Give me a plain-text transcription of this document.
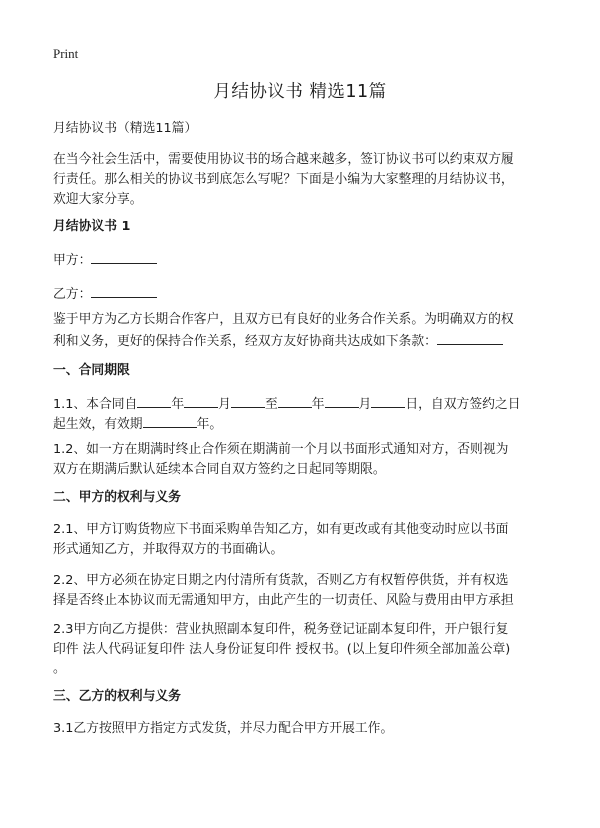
Print
月结协议书 精选11篇
月结协议书（精选11篇）
在当今社会生活中，需要使用协议书的场合越来越多，签订协议书可以约束双方履
行责任。那么相关的协议书到底怎么写呢？下面是小编为大家整理的月结协议书，
欢迎大家分享。
月结协议书 1
甲方：
乙方：
鉴于甲方为乙方长期合作客户，且双方已有良好的业务合作关系。为明确双方的权
利和义务，更好的保持合作关系，经双方友好协商共达成如下条款：
一、合同期限
1.1、本合同自	年	月	至	年	月	日，自双方签约之日
起生效，有效期	年。
1.2、如一方在期满时终止合作须在期满前一个月以书面形式通知对方，否则视为
双方在期满后默认延续本合同自双方签约之日起同等期限。
二、甲方的权利与义务
2.1、甲方订购货物应下书面采购单告知乙方，如有更改或有其他变动时应以书面
形式通知乙方，并取得双方的书面确认。
2.2、甲方必须在协定日期之内付清所有货款，否则乙方有权暂停供货，并有权选
择是否终止本协议而无需通知甲方，由此产生的一切责任、风险与费用由甲方承担
2.3甲方向乙方提供：营业执照副本复印件，税务登记证副本复印件，开户银行复
印件 法人代码证复印件 法人身份证复印件 授权书。(以上复印件须全部加盖公章)
。
三、乙方的权利与义务
3.1乙方按照甲方指定方式发货，并尽力配合甲方开展工作。
